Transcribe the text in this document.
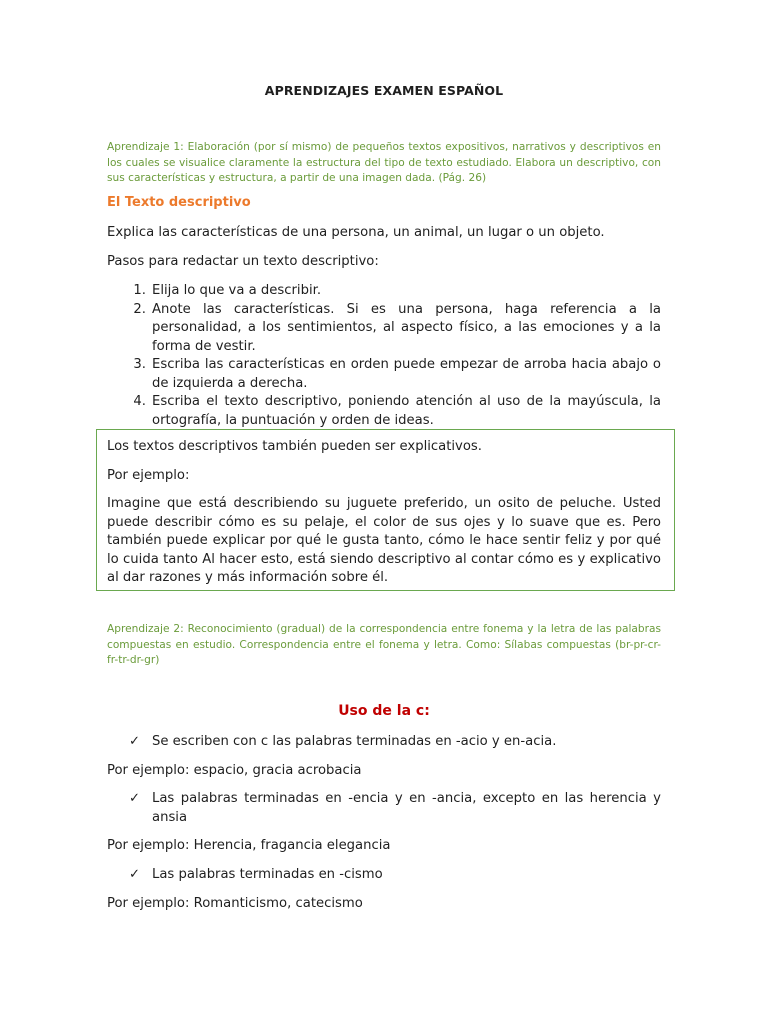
APRENDIZAJES EXAMEN ESPAÑOL
Aprendizaje 1: Elaboración (por sí mismo) de pequeños textos expositivos, narrativos y descriptivos en los cuales se visualice claramente la estructura del tipo de texto estudiado. Elabora un descriptivo, con sus características y estructura, a partir de una imagen dada. (Pág. 26)
El Texto descriptivo
Explica las características de una persona, un animal, un lugar o un objeto.
Pasos para redactar un texto descriptivo:
1. Elija lo que va a describir.
2. Anote las características. Si es una persona, haga referencia a la personalidad, a los sentimientos, al aspecto físico, a las emociones y a la forma de vestir.
3. Escriba las características en orden puede empezar de arroba hacia abajo o de izquierda a derecha.
4. Escriba el texto descriptivo, poniendo atención al uso de la mayúscula, la ortografía, la puntuación y orden de ideas.
Los textos descriptivos también pueden ser explicativos.
Por ejemplo:
Imagine que está describiendo su juguete preferido, un osito de peluche. Usted puede describir cómo es su pelaje, el color de sus ojes y lo suave que es. Pero también puede explicar por qué le gusta tanto, cómo le hace sentir feliz y por qué lo cuida tanto Al hacer esto, está siendo descriptivo al contar cómo es y explicativo al dar razones y más información sobre él.
Aprendizaje 2: Reconocimiento (gradual) de la correspondencia entre fonema y la letra de las palabras compuestas en estudio. Correspondencia entre el fonema y letra. Como: Sílabas compuestas (br-pr-cr-fr-tr-dr-gr)
Uso de la c:
✓ Se escriben con c las palabras terminadas en -acio y en-acia.
Por ejemplo: espacio, gracia acrobacia
✓ Las palabras terminadas en -encia y en -ancia, excepto en las herencia y ansia
Por ejemplo: Herencia, fragancia elegancia
✓ Las palabras terminadas en -cismo
Por ejemplo: Romanticismo, catecismo
